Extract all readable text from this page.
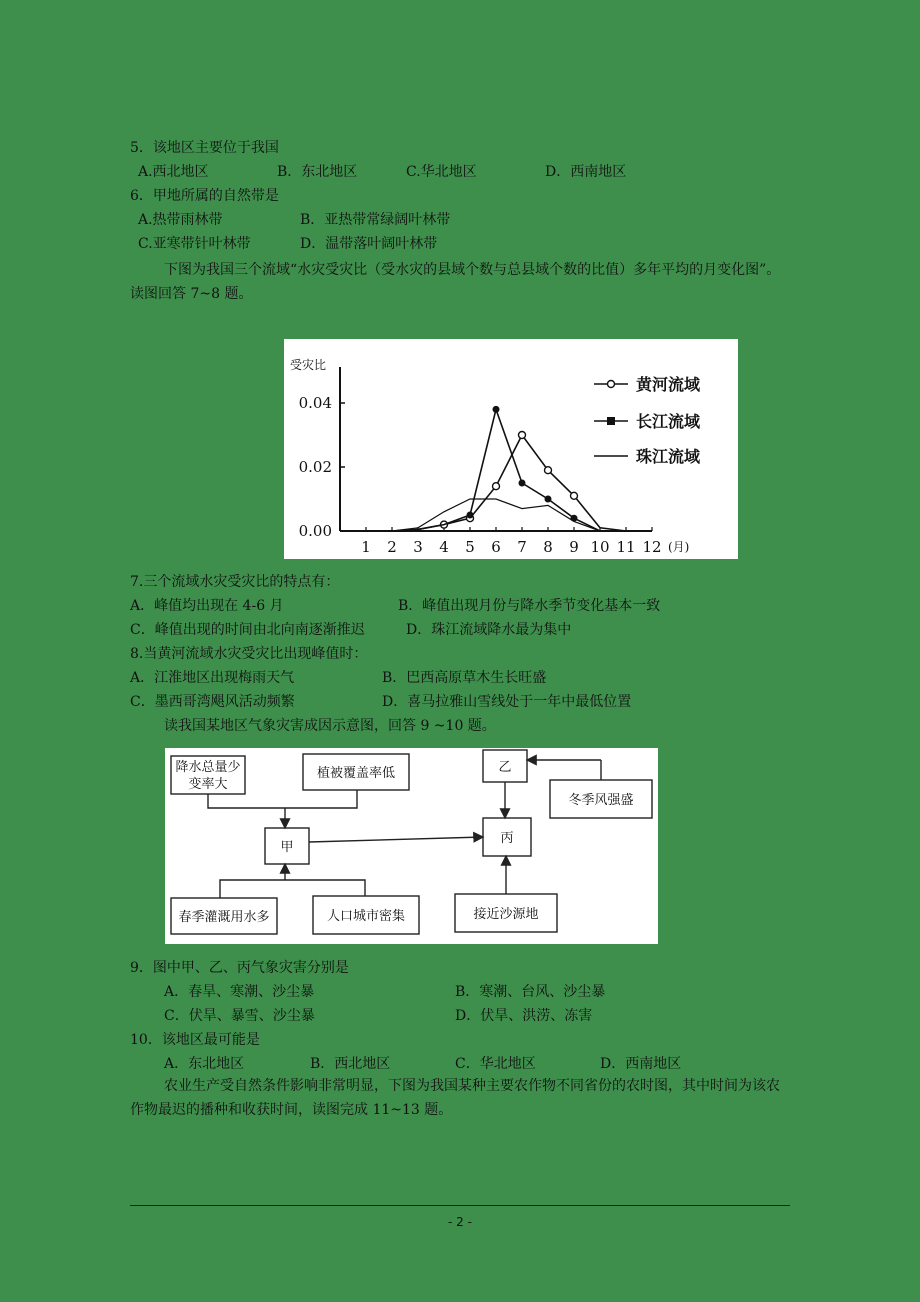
5．该地区主要位于我国
A.西北地区	B．东北地区	C.华北地区	D．西南地区
6．甲地所属的自然带是
A.热带雨林带	B．亚热带常绿阔叶林带
C.亚寒带针叶林带	D．温带落叶阔叶林带
下图为我国三个流域“水灾受灾比（受水灾的县域个数与总县域个数的比值）多年平均的月变化图”。读图回答 7~8 题。
受灾比
0.00
0.02
0.04
1 2 3 4 5 6 7 8 9 10 11 12 (月)
黄河流域
长江流域
珠江流域
7.三个流域水灾受灾比的特点有：
A．峰值均出现在 4-6 月	B．峰值出现月份与降水季节变化基本一致
C．峰值出现的时间由北向南逐渐推迟	D．珠江流域降水最为集中
8.当黄河流域水灾受灾比出现峰值时：
A．江淮地区出现梅雨天气	B．巴西高原草木生长旺盛
C．墨西哥湾飓风活动频繁	D．喜马拉雅山雪线处于一年中最低位置
读我国某地区气象灾害成因示意图，回答 9 ~10 题。
降水总量少
变率大
植被覆盖率低
甲
乙
丙
冬季风强盛
春季灌溉用水多	人口城市密集	接近沙源地
9．图中甲、乙、丙气象灾害分别是
A．春旱、寒潮、沙尘暴	B．寒潮、台风、沙尘暴
C．伏旱、暴雪、沙尘暴	D．伏旱、洪涝、冻害
10．该地区最可能是
A．东北地区	B．西北地区	C．华北地区	D．西南地区
农业生产受自然条件影响非常明显，下图为我国某种主要农作物不同省份的农时图，其中时间为该农作物最迟的播种和收获时间，读图完成 11~13 题。
- 2 -
